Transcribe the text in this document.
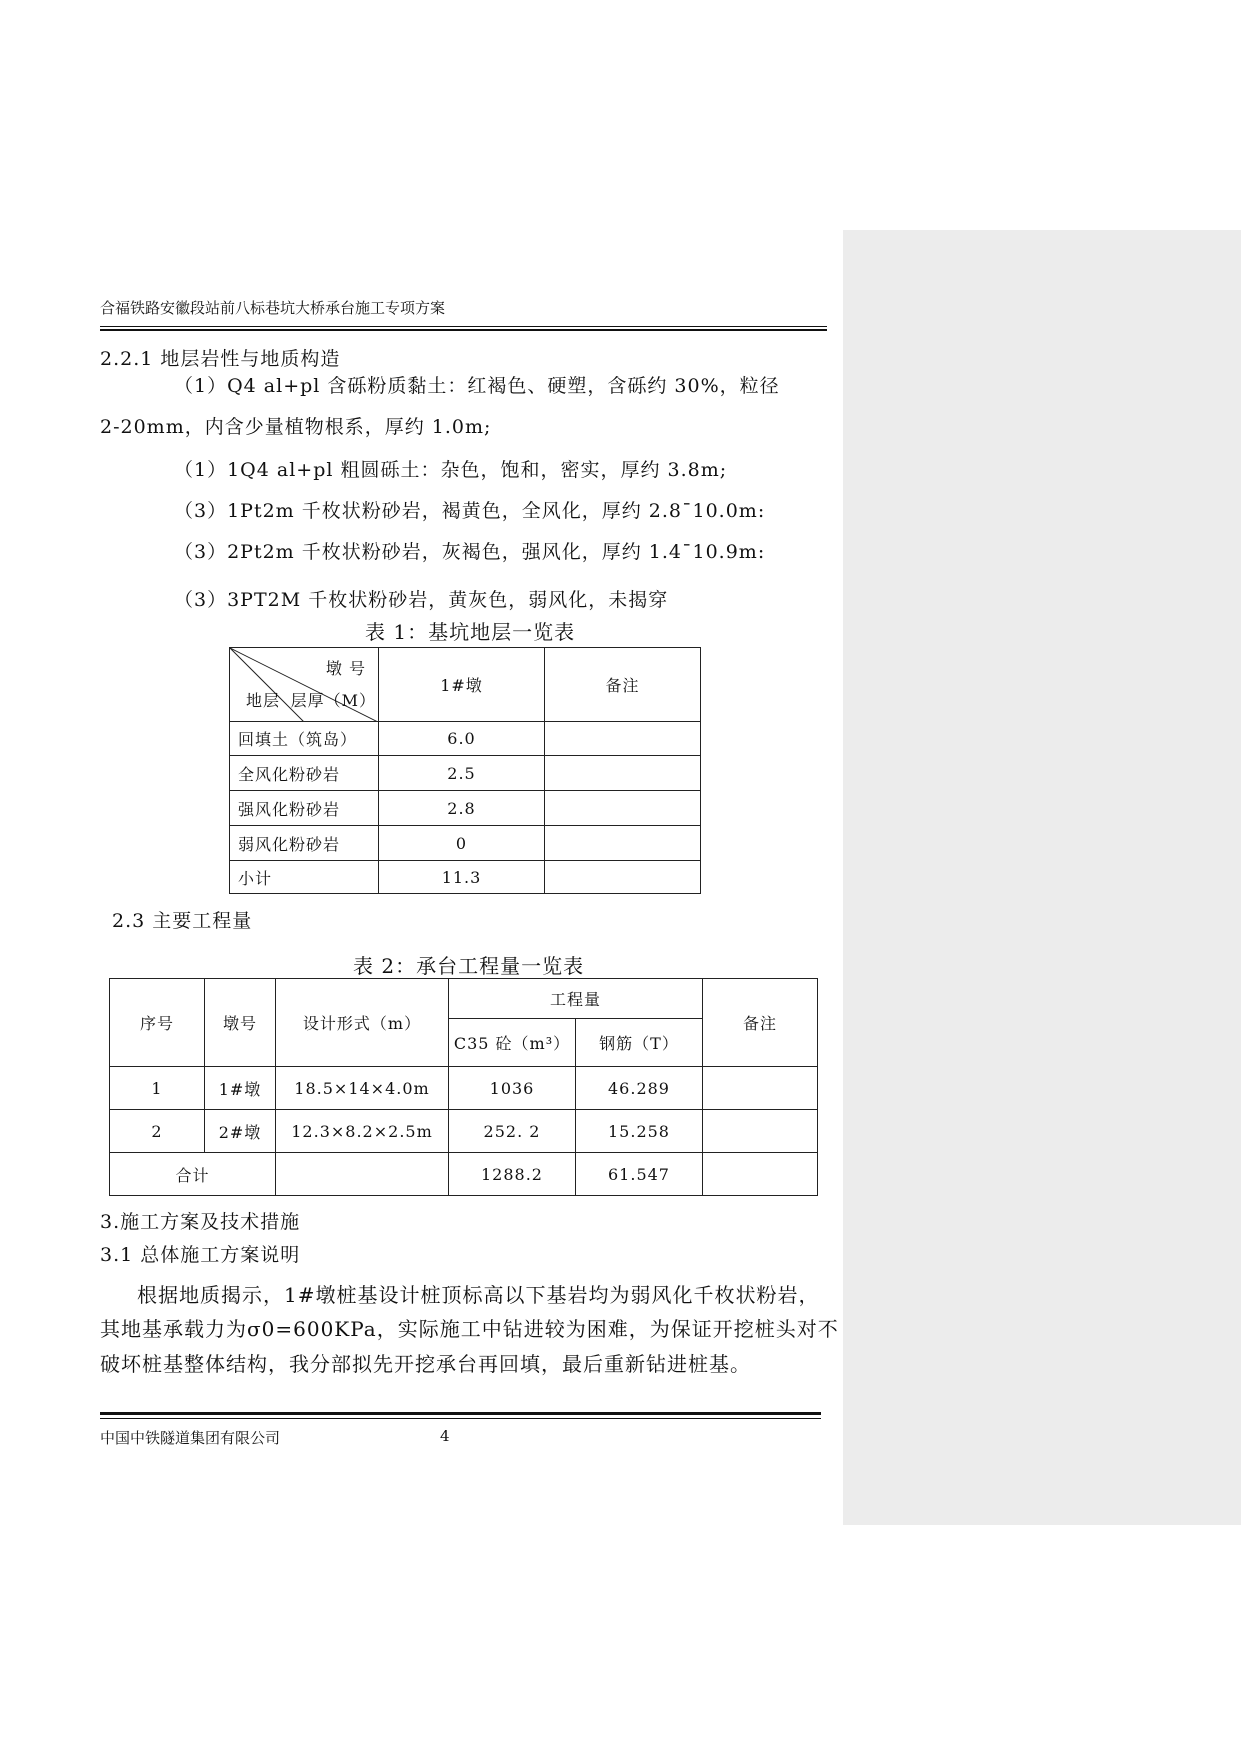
合福铁路安徽段站前八标巷坑大桥承台施工专项方案
2.2.1 地层岩性与地质构造
（1）Q4 al+pl 含砾粉质黏土：红褐色、硬塑，含砾约 30%，粒径
2-20mm，内含少量植物根系，厚约 1.0m;
（1）1Q4 al+pl 粗圆砾土：杂色，饱和，密实，厚约 3.8m;
（3）1Pt2m 千枚状粉砂岩，褐黄色，全风化，厚约 2.8¯10.0m:
（3）2Pt2m 千枚状粉砂岩，灰褐色，强风化，厚约 1.4¯10.9m:
（3）3PT2M 千枚状粉砂岩，黄灰色，弱风化，未揭穿
表 1：基坑地层一览表
墩 号
地层 层厚（M）	1#墩	备注
回填土（筑岛）	6.0	
全风化粉砂岩	2.5	
强风化粉砂岩	2.8	
弱风化粉砂岩	0	
小计	11.3	
2.3 主要工程量
表 2：承台工程量一览表
序号	墩号	设计形式（m）	工程量		备注
			C35 砼（m³）	钢筋（T）	
1	1#墩	18.5×14×4.0m	1036	46.289	
2	2#墩	12.3×8.2×2.5m	252. 2	15.258	
合计			1288.2	61.547	
3.施工方案及技术措施
3.1 总体施工方案说明
根据地质揭示，1#墩桩基设计桩顶标高以下基岩均为弱风化千枚状粉岩，
其地基承载力为σ0=600KPa，实际施工中钻进较为困难，为保证开挖桩头对不
破坏桩基整体结构，我分部拟先开挖承台再回填，最后重新钻进桩基。
中国中铁隧道集团有限公司	4
